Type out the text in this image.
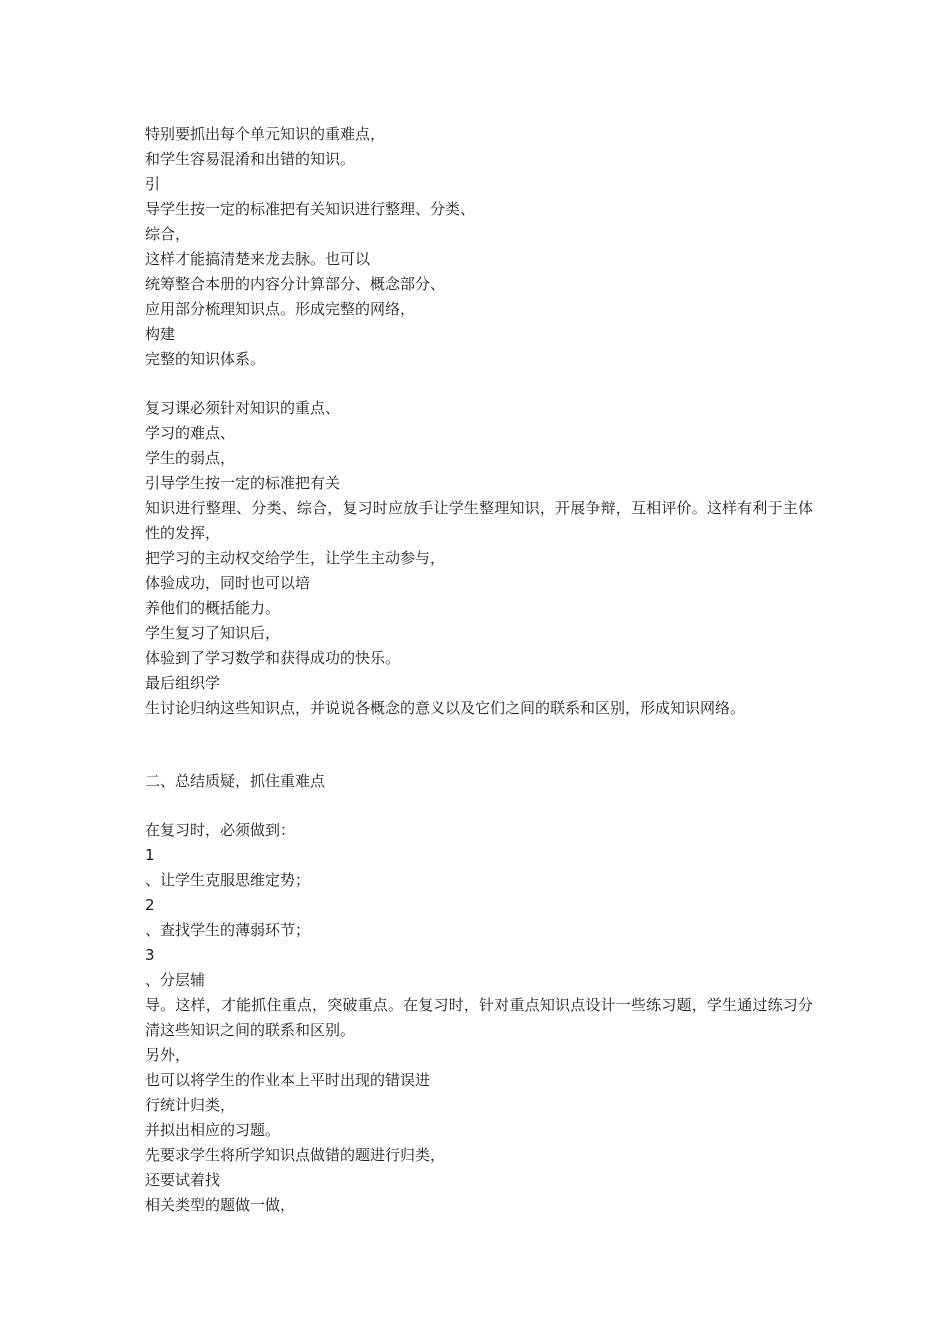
特别要抓出每个单元知识的重难点，
和学生容易混淆和出错的知识。
引
导学生按一定的标准把有关知识进行整理、分类、
综合，
这样才能搞清楚来龙去脉。也可以
统筹整合本册的内容分计算部分、概念部分、
应用部分梳理知识点。形成完整的网络，
构建
完整的知识体系。
复习课必须针对知识的重点、
学习的难点、
学生的弱点，
引导学生按一定的标准把有关
知识进行整理、分类、综合，复习时应放手让学生整理知识，开展争辩，互相评价。这样有利于主体性的发挥，
把学习的主动权交给学生，让学生主动参与，
体验成功，同时也可以培
养他们的概括能力。
学生复习了知识后，
体验到了学习数学和获得成功的快乐。
最后组织学
生讨论归纳这些知识点，并说说各概念的意义以及它们之间的联系和区别，形成知识网络。
二、总结质疑，抓住重难点
在复习时，必须做到：
1
、让学生克服思维定势；
2
、查找学生的薄弱环节；
3
、分层辅
导。这样，才能抓住重点，突破重点。在复习时，针对重点知识点设计一些练习题，学生通过练习分清这些知识之间的联系和区别。
另外，
也可以将学生的作业本上平时出现的错误进
行统计归类，
并拟出相应的习题。
先要求学生将所学知识点做错的题进行归类，
还要试着找
相关类型的题做一做，
